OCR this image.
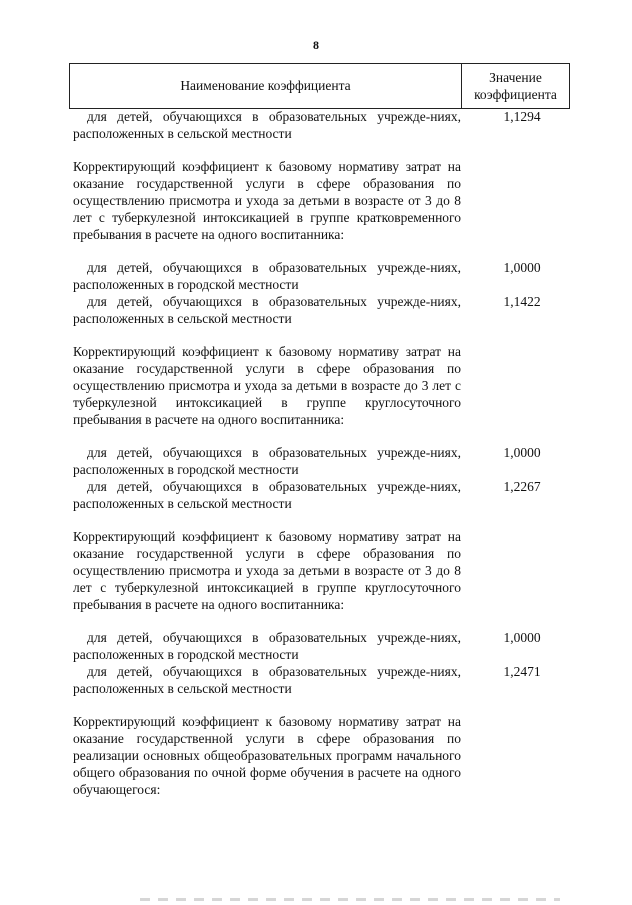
8
Наименование коэффициента
Значение
коэффициента
для детей, обучающихся в образовательных учрежде-ниях, расположенных в сельской местности
1,1294
Корректирующий коэффициент к базовому нормативу затрат на оказание государственной услуги в сфере образования по осуществлению присмотра и ухода за детьми в возрасте от 3 до 8 лет с туберкулезной интоксикацией в группе кратковременного пребывания в расчете на одного воспитанника:
для детей, обучающихся в образовательных учрежде-ниях, расположенных в городской местности
1,0000
для детей, обучающихся в образовательных учрежде-ниях, расположенных в сельской местности
1,1422
Корректирующий коэффициент к базовому нормативу затрат на оказание государственной услуги в сфере образования по осуществлению присмотра и ухода за детьми в возрасте до 3 лет с туберкулезной интоксикацией в группе круглосуточного пребывания в расчете на одного воспитанника:
для детей, обучающихся в образовательных учрежде-ниях, расположенных в городской местности
1,0000
для детей, обучающихся в образовательных учрежде-ниях, расположенных в сельской местности
1,2267
Корректирующий коэффициент к базовому нормативу затрат на оказание государственной услуги в сфере образования по осуществлению присмотра и ухода за детьми в возрасте от 3 до 8 лет с туберкулезной интоксикацией в группе круглосуточного пребывания в расчете на одного воспитанника:
для детей, обучающихся в образовательных учрежде-ниях, расположенных в городской местности
1,0000
для детей, обучающихся в образовательных учрежде-ниях, расположенных в сельской местности
1,2471
Корректирующий коэффициент к базовому нормативу затрат на оказание государственной услуги в сфере образования по реализации основных общеобразовательных программ начального общего образования по очной форме обучения в расчете на одного обучающегося:
